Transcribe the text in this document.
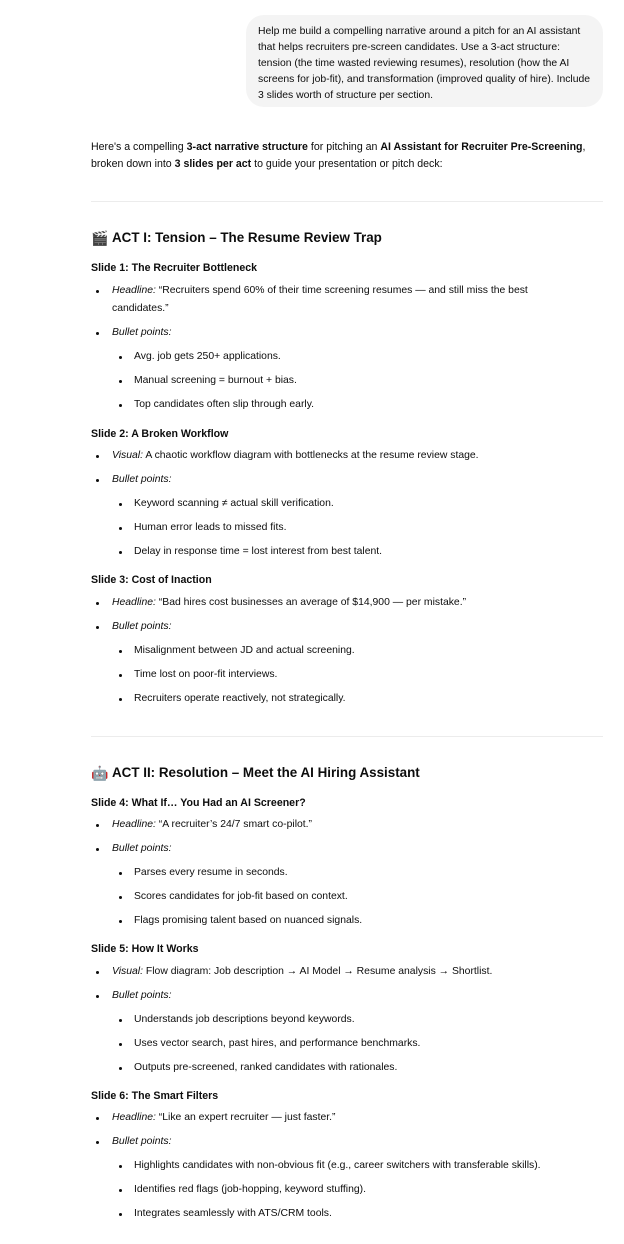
Help me build a compelling narrative around a pitch for an AI assistant that helps recruiters pre-screen candidates. Use a 3-act structure: tension (the time wasted reviewing resumes), resolution (how the AI screens for job-fit), and transformation (improved quality of hire). Include 3 slides worth of structure per section.
Here's a compelling 3-act narrative structure for pitching an AI Assistant for Recruiter Pre-Screening, broken down into 3 slides per act to guide your presentation or pitch deck:
🎬 ACT I: Tension – The Resume Review Trap
Slide 1: The Recruiter Bottleneck
Headline: “Recruiters spend 60% of their time screening resumes — and still miss the best
candidates.”
Bullet points:
Avg. job gets 250+ applications.
Manual screening = burnout + bias.
Top candidates often slip through early.
Slide 2: A Broken Workflow
Visual: A chaotic workflow diagram with bottlenecks at the resume review stage.
Bullet points:
Keyword scanning ≠ actual skill verification.
Human error leads to missed fits.
Delay in response time = lost interest from best talent.
Slide 3: Cost of Inaction
Headline: “Bad hires cost businesses an average of $14,900 — per mistake.”
Bullet points:
Misalignment between JD and actual screening.
Time lost on poor-fit interviews.
Recruiters operate reactively, not strategically.
🤖 ACT II: Resolution – Meet the AI Hiring Assistant
Slide 4: What If… You Had an AI Screener?
Headline: “A recruiter’s 24/7 smart co-pilot.”
Bullet points:
Parses every resume in seconds.
Scores candidates for job-fit based on context.
Flags promising talent based on nuanced signals.
Slide 5: How It Works
Visual: Flow diagram: Job description → AI Model → Resume analysis → Shortlist.
Bullet points:
Understands job descriptions beyond keywords.
Uses vector search, past hires, and performance benchmarks.
Outputs pre-screened, ranked candidates with rationales.
Slide 6: The Smart Filters
Headline: “Like an expert recruiter — just faster.”
Bullet points:
Highlights candidates with non-obvious fit (e.g., career switchers with transferable skills).
Identifies red flags (job-hopping, keyword stuffing).
Integrates seamlessly with ATS/CRM tools.
